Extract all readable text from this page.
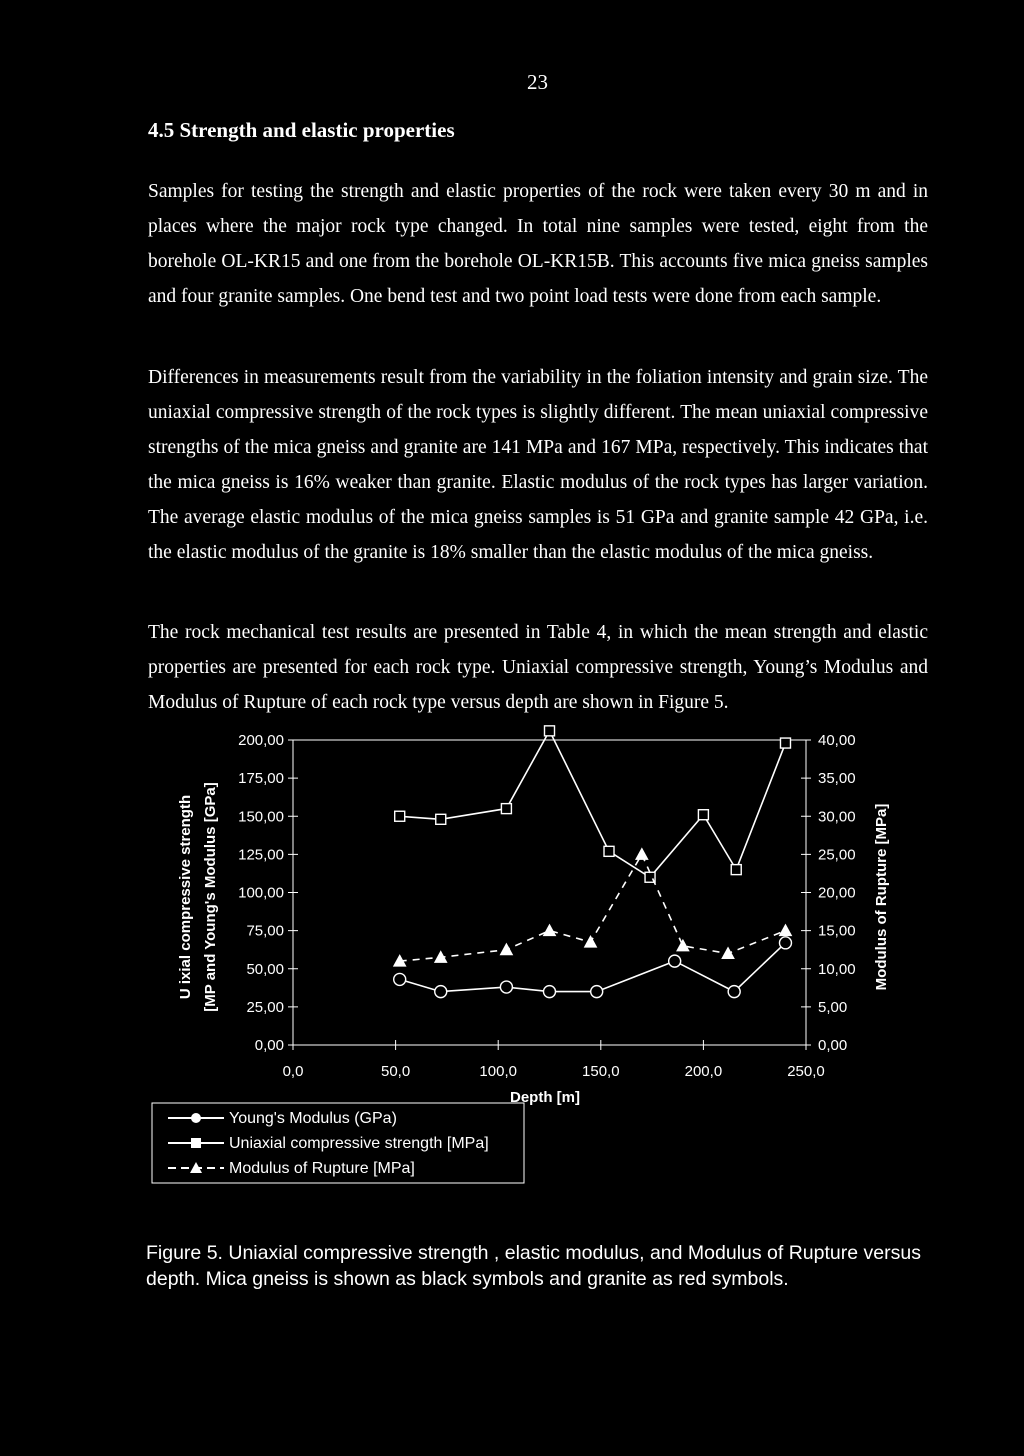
23
4.5 Strength and elastic properties

Samples for testing the strength and elastic properties of the rock were taken every 30 m and in places where the major rock type changed. In total nine samples were tested, eight from the borehole OL-KR15 and one from the borehole OL-KR15B. This accounts five mica gneiss samples and four granite samples. One bend test and two point load tests were done from each sample.

Differences in measurements result from the variability in the foliation intensity and grain size. The uniaxial compressive strength of the rock types is slightly different. The mean uniaxial compressive strengths of the mica gneiss and granite are 141 MPa and 167 MPa, respectively. This indicates that the mica gneiss is 16% weaker than granite. Elastic modulus of the rock types has larger variation. The average elastic modulus of the mica gneiss samples is 51 GPa and granite sample 42 GPa, i.e. the elastic modulus of the granite is 18% smaller than the elastic modulus of the mica gneiss.

The rock mechanical test results are presented in Table 4, in which the mean strength and elastic properties are presented for each rock type. Uniaxial compressive strength, Young’s Modulus and Modulus of Rupture of each rock type versus depth are shown in Figure 5.

0,00
25,00
50,00
75,00
100,00
125,00
150,00
175,00
200,00
0,00
5,00
10,00
15,00
20,00
25,00
30,00
35,00
40,00
0,0	50,0	100,0	150,0	200,0	250,0
U ixial compressive strength [MP and Young's Modulus [GPa]	Modulus of Rupture [MPa]
Depth [m]
Young's Modulus (GPa)
Uniaxial compressive strength [MPa]
Modulus of Rupture [MPa]

Figure 5. Uniaxial compressive strength , elastic modulus, and Modulus of Rupture versus

depth. Mica gneiss is shown as black symbols and granite as red symbols.
